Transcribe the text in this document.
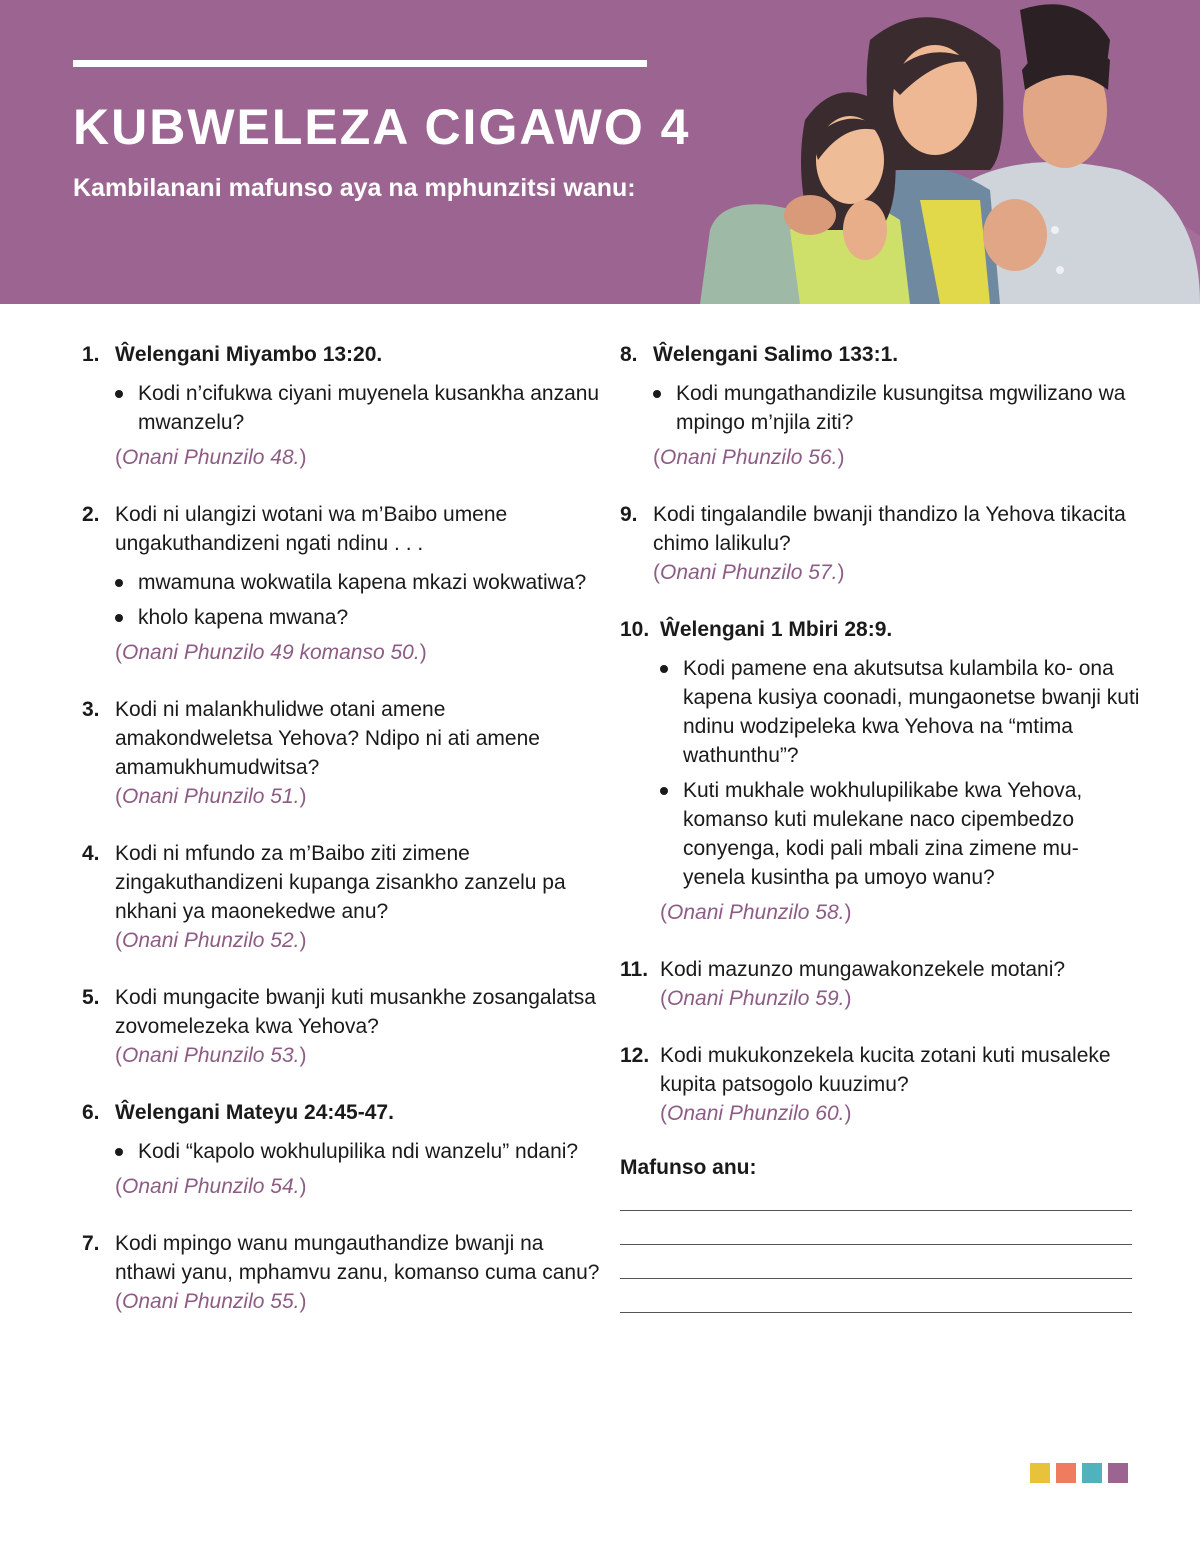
KUBWELEZA CIGAWO 4

Kambilanani mafunso aya na mphunzitsi wanu:

1. Ŵelengani Miyambo 13:20.

Kodi n’cifukwa ciyani muyenela kusankha anzanu mwanzelu?

(Onani Phunzilo 48.)

2. Kodi ni ulangizi wotani wa m’Baibo umene ungakuthandizeni ngati ndinu . . .

mwamuna wokwatila kapena mkazi wokwatiwa?
kholo kapena mwana?

(Onani Phunzilo 49 komanso 50.)

3. Kodi ni malankhulidwe otani amene amakondweletsa Yehova? Ndipo ni ati amene amamukhumudwitsa?

(Onani Phunzilo 51.)

4. Kodi ni mfundo za m’Baibo ziti zimene zingakuthandizeni kupanga zisankho zanzelu pa nkhani ya maonekedwe anu?

(Onani Phunzilo 52.)

5. Kodi mungacite bwanji kuti musankhe zosangalatsa zovomelezeka kwa Yehova?

(Onani Phunzilo 53.)

6. Ŵelengani Mateyu 24:45-47.

Kodi “kapolo wokhulupilika ndi wanzelu” ndani?

(Onani Phunzilo 54.)

7. Kodi mpingo wanu mungauthandize bwanji na nthawi yanu, mphamvu zanu, komanso cuma canu?

(Onani Phunzilo 55.)

8. Ŵelengani Salimo 133:1.

Kodi mungathandizile kusungitsa mgwilizano wa mpingo m’njila ziti?

(Onani Phunzilo 56.)

9. Kodi tingalandile bwanji thandizo la Yehova tikacita chimo lalikulu?

(Onani Phunzilo 57.)

10. Ŵelengani 1 Mbiri 28:9.

Kodi pamene ena akutsutsa kulambila ko- ona kapena kusiya coonadi, mungaonetse bwanji kuti ndinu wodzipeleka kwa Yehova na “mtima wathunthu”?
Kuti mukhale wokhulupilikabe kwa Yehova, komanso kuti mulekane naco cipembedzo conyenga, kodi pali mbali zina zimene mu- yenela kusintha pa umoyo wanu?

(Onani Phunzilo 58.)

11. Kodi mazunzo mungawakonzekele motani?

(Onani Phunzilo 59.)

12. Kodi mukukonzekela kucita zotani kuti musaleke kupita patsogolo kuuzimu?

(Onani Phunzilo 60.)

Mafunso anu:
